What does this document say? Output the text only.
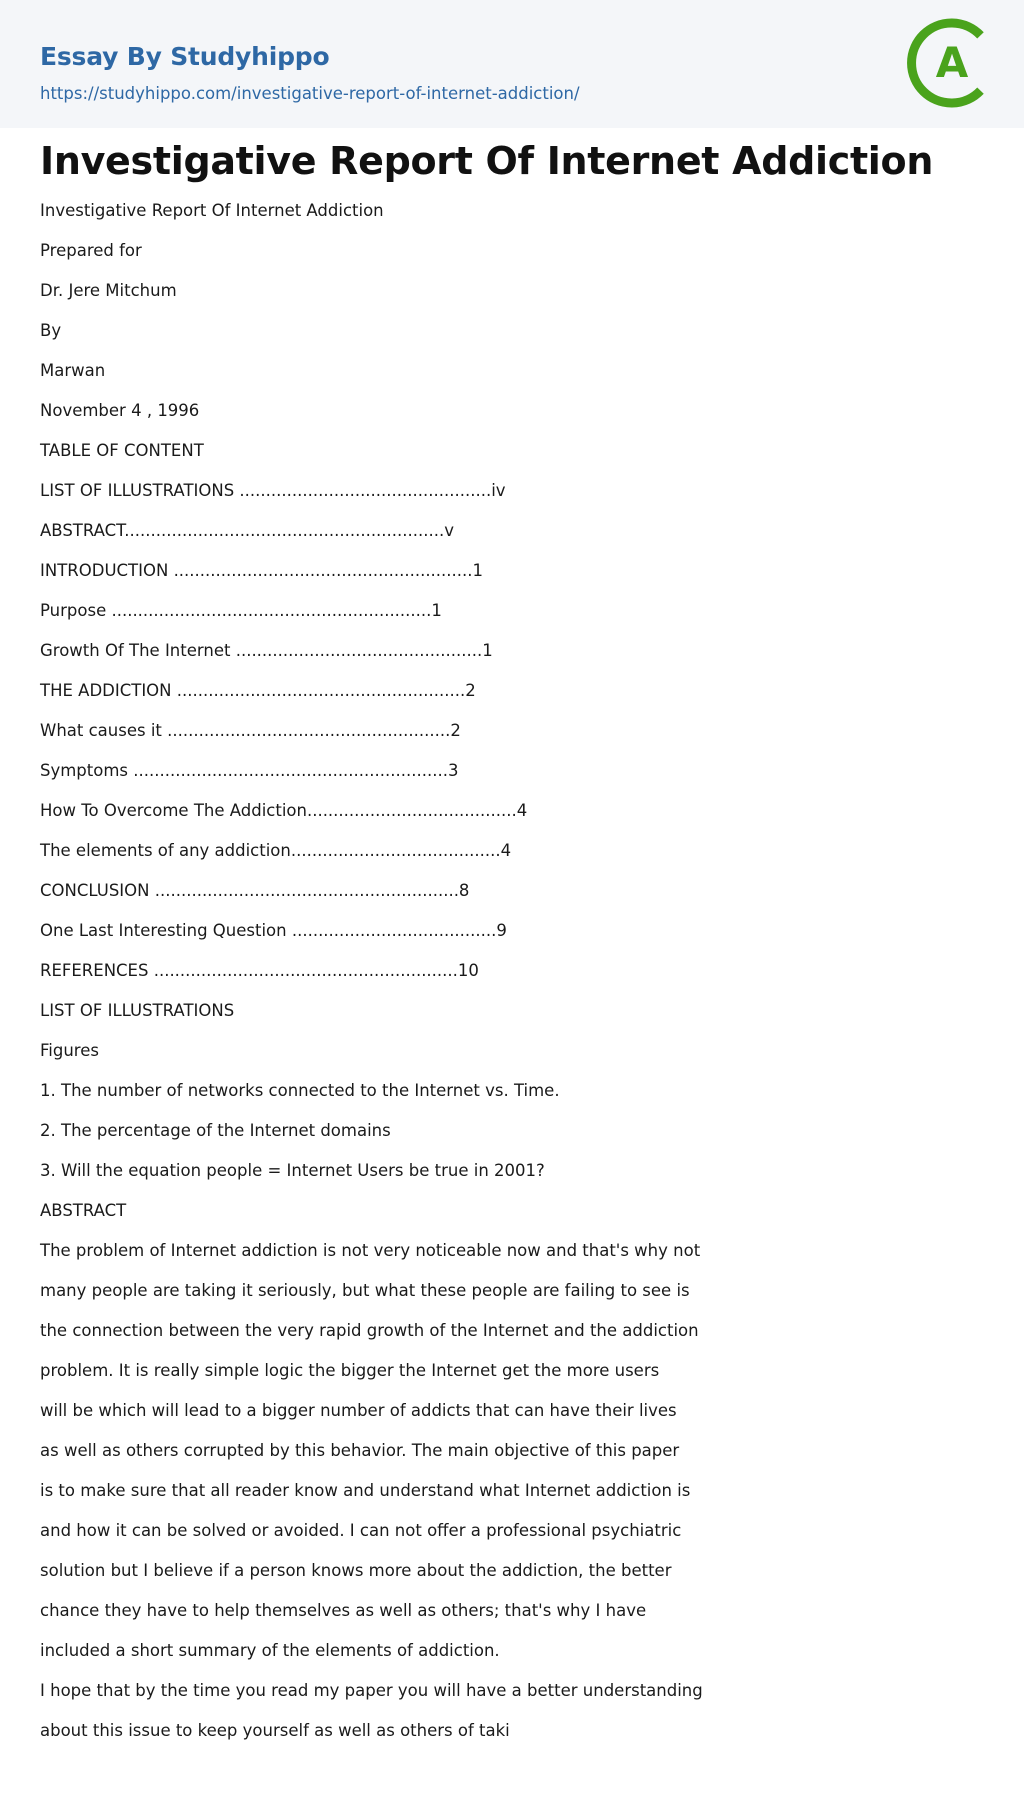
Essay By Studyhippo
https://studyhippo.com/investigative-report-of-internet-addiction/
A
Investigative Report Of Internet Addiction
Investigative Report Of Internet Addiction
Prepared for
Dr. Jere Mitchum
By
Marwan
November 4 , 1996
TABLE OF CONTENT
LIST OF ILLUSTRATIONS ................................................iv
ABSTRACT.............................................................v
INTRODUCTION .........................................................1
Purpose .............................................................1
Growth Of The Internet ...............................................1
THE ADDICTION .......................................................2
What causes it ......................................................2
Symptoms ............................................................3
How To Overcome The Addiction........................................4
The elements of any addiction........................................4
CONCLUSION ..........................................................8
One Last Interesting Question .......................................9
REFERENCES ..........................................................10
LIST OF ILLUSTRATIONS
Figures
1. The number of networks connected to the Internet vs. Time.
2. The percentage of the Internet domains
3. Will the equation people = Internet Users be true in 2001?
ABSTRACT
The problem of Internet addiction is not very noticeable now and that's why not
many people are taking it seriously, but what these people are failing to see is
the connection between the very rapid growth of the Internet and the addiction
problem. It is really simple logic the bigger the Internet get the more users
will be which will lead to a bigger number of addicts that can have their lives
as well as others corrupted by this behavior. The main objective of this paper
is to make sure that all reader know and understand what Internet addiction is
and how it can be solved or avoided. I can not offer a professional psychiatric
solution but I believe if a person knows more about the addiction, the better
chance they have to help themselves as well as others; that's why I have
included a short summary of the elements of addiction.
I hope that by the time you read my paper you will have a better understanding
about this issue to keep yourself as well as others of taki
